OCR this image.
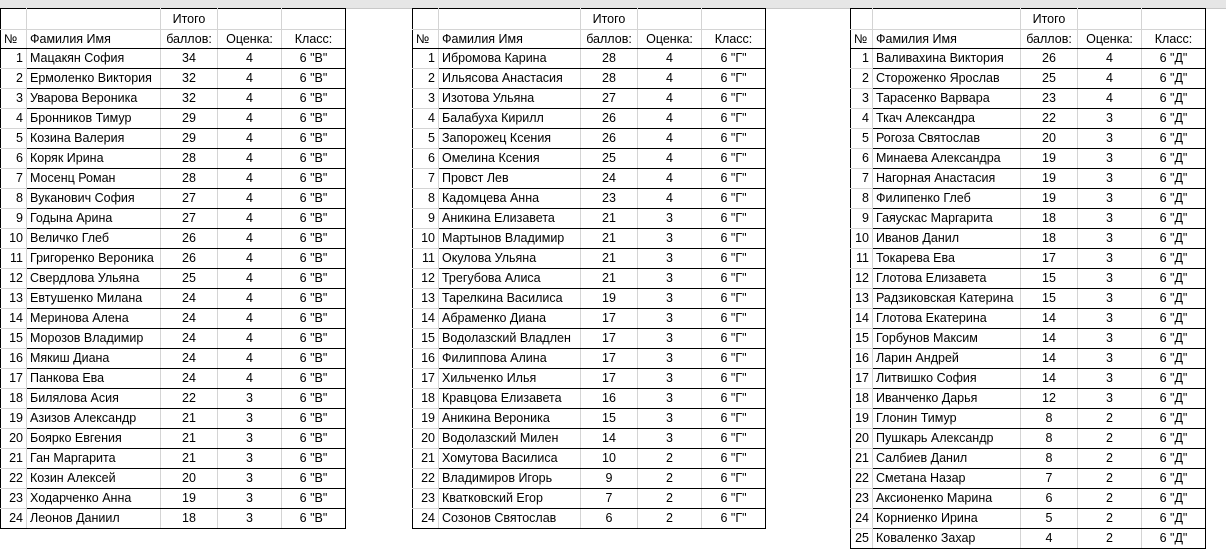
		Итого		
№	Фамилия Имя	баллов:	Оценка:	Класс:
1	Мацакян София	34	4	6 "В"
2	Ермоленко Виктория	32	4	6 "В"
3	Уварова Вероника	32	4	6 "В"
4	Бронников Тимур	29	4	6 "В"
5	Козина Валерия	29	4	6 "В"
6	Коряк Ирина	28	4	6 "В"
7	Мосенц Роман	28	4	6 "В"
8	Вуканович София	27	4	6 "В"
9	Годына Арина	27	4	6 "В"
10	Величко Глеб	26	4	6 "В"
11	Григоренко Вероника	26	4	6 "В"
12	Свердлова Ульяна	25	4	6 "В"
13	Евтушенко Милана	24	4	6 "В"
14	Меринова Алена	24	4	6 "В"
15	Морозов Владимир	24	4	6 "В"
16	Мякиш Диана	24	4	6 "В"
17	Панкова Ева	24	4	6 "В"
18	Билялова Асия	22	3	6 "В"
19	Азизов Александр	21	3	6 "В"
20	Боярко Евгения	21	3	6 "В"
21	Ган Маргарита	21	3	6 "В"
22	Козин Алексей	20	3	6 "В"
23	Ходарченко Анна	19	3	6 "В"
24	Леонов Даниил	18	3	6 "В"
		Итого		
№	Фамилия Имя	баллов:	Оценка:	Класс:
1	Ибромова Карина	28	4	6 "Г"
2	Ильясова Анастасия	28	4	6 "Г"
3	Изотова Ульяна	27	4	6 "Г"
4	Балабуха Кирилл	26	4	6 "Г"
5	Запорожец Ксения	26	4	6 "Г"
6	Омелина Ксения	25	4	6 "Г"
7	Провст Лев	24	4	6 "Г"
8	Кадомцева Анна	23	4	6 "Г"
9	Аникина Елизавета	21	3	6 "Г"
10	Мартынов Владимир	21	3	6 "Г"
11	Окулова Ульяна	21	3	6 "Г"
12	Трегубова Алиса	21	3	6 "Г"
13	Тарелкина Василиса	19	3	6 "Г"
14	Абраменко Диана	17	3	6 "Г"
15	Водолазский Владлен	17	3	6 "Г"
16	Филиппова Алина	17	3	6 "Г"
17	Хильченко Илья	17	3	6 "Г"
18	Кравцова Елизавета	16	3	6 "Г"
19	Аникина Вероника	15	3	6 "Г"
20	Водолазский Милен	14	3	6 "Г"
21	Хомутова Василиса	10	2	6 "Г"
22	Владимиров Игорь	9	2	6 "Г"
23	Кватковский Егор	7	2	6 "Г"
24	Созонов Святослав	6	2	6 "Г"
		Итого		
№	Фамилия Имя	баллов:	Оценка:	Класс:
1	Валивахина Виктория	26	4	6 "Д"
2	Стороженко Ярослав	25	4	6 "Д"
3	Тарасенко Варвара	23	4	6 "Д"
4	Ткач Александра	22	3	6 "Д"
5	Рогоза Святослав	20	3	6 "Д"
6	Минаева Александра	19	3	6 "Д"
7	Нагорная Анастасия	19	3	6 "Д"
8	Филипенко Глеб	19	3	6 "Д"
9	Гаяускас Маргарита	18	3	6 "Д"
10	Иванов Данил	18	3	6 "Д"
11	Токарева Ева	17	3	6 "Д"
12	Глотова Елизавета	15	3	6 "Д"
13	Радзиковская Катерина	15	3	6 "Д"
14	Глотова Екатерина	14	3	6 "Д"
15	Горбунов Максим	14	3	6 "Д"
16	Ларин Андрей	14	3	6 "Д"
17	Литвишко София	14	3	6 "Д"
18	Иванченко Дарья	12	3	6 "Д"
19	Глонин Тимур	8	2	6 "Д"
20	Пушкарь Александр	8	2	6 "Д"
21	Салбиев Данил	8	2	6 "Д"
22	Сметана Назар	7	2	6 "Д"
23	Аксионенко Марина	6	2	6 "Д"
24	Корниенко Ирина	5	2	6 "Д"
25	Коваленко Захар	4	2	6 "Д"
